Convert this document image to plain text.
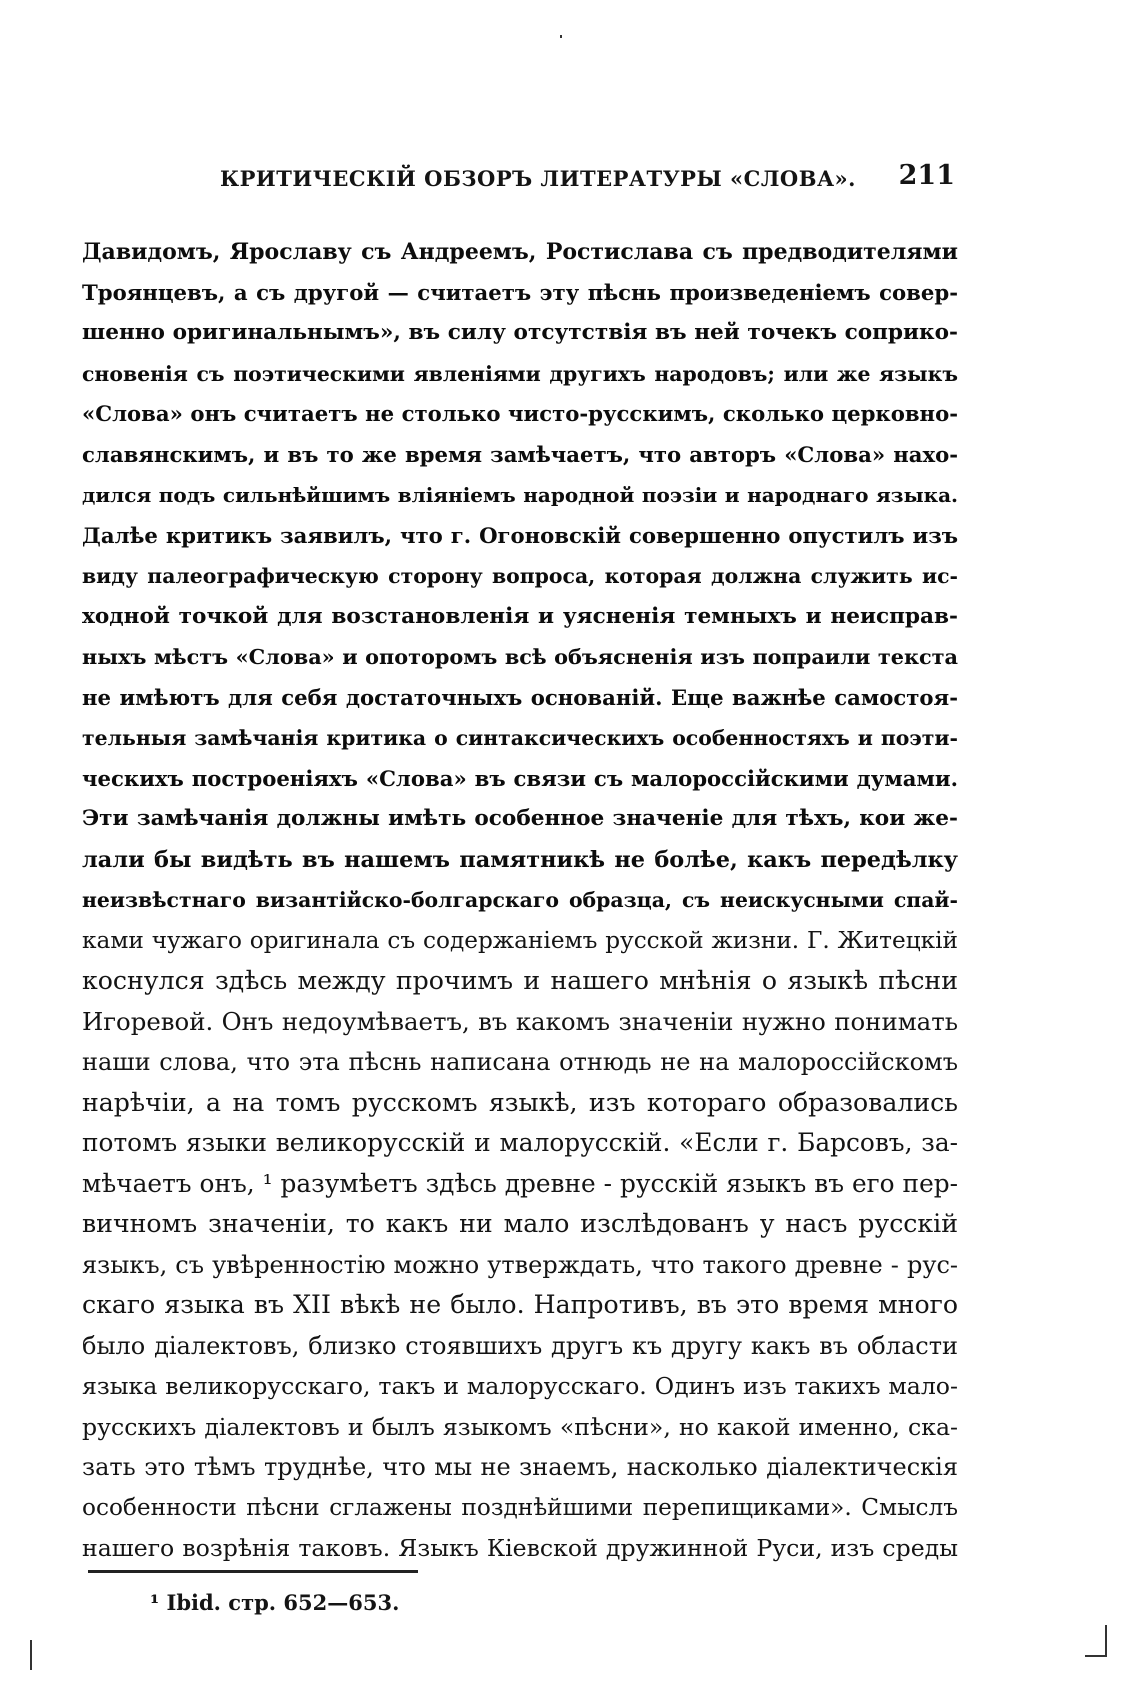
КРИТИЧЕСКІЙ ОБЗОРЪ ЛИТЕРАТУРЫ «СЛОВА». 211
Давидомъ, Ярославу съ Андреемъ, Ростислава съ предводителями
Троянцевъ, а съ другой — считаетъ эту пѣснь произведеніемъ совер-
шенно оригинальнымъ», въ силу отсутствія въ ней точекъ соприко-
сновенія съ поэтическими явленіями другихъ народовъ; или же языкъ
«Слова» онъ считаетъ не столько чисто-русскимъ, сколько церковно-
славянскимъ, и въ то же время замѣчаетъ, что авторъ «Слова» нахо-
дился подъ сильнѣйшимъ вліяніемъ народной поэзіи и народнаго языка.
Далѣе критикъ заявилъ, что г. Огоновскій совершенно опустилъ изъ
виду палеографическую сторону вопроса, которая должна служить ис-
ходной точкой для возстановленія и уясненія темныхъ и неисправ-
ныхъ мѣстъ «Слова» и опоторомъ всѣ объясненія изъ попраили текста
не имѣютъ для себя достаточныхъ основаній. Еще важнѣе самостоя-
тельныя замѣчанія критика о синтаксическихъ особенностяхъ и поэти-
ческихъ построеніяхъ «Слова» въ связи съ малороссійскими думами.
Эти замѣчанія должны имѣть особенное значеніе для тѣхъ, кои же-
лали бы видѣть въ нашемъ памятникѣ не болѣе, какъ передѣлку
неизвѣстнаго византійско-болгарскаго образца, съ неискусными спай-
ками чужаго оригинала съ содержаніемъ русской жизни. Г. Житецкій
коснулся здѣсь между прочимъ и нашего мнѣнія о языкѣ пѣсни
Игоревой. Онъ недоумѣваетъ, въ какомъ значеніи нужно понимать
наши слова, что эта пѣснь написана отнюдь не на малороссійскомъ
нарѣчіи, а на томъ русскомъ языкѣ, изъ котораго образовались
потомъ языки великорусскій и малорусскій. «Если г. Барсовъ, за-
мѣчаетъ онъ, ¹ разумѣетъ здѣсь древне - русскій языкъ въ его пер-
вичномъ значеніи, то какъ ни мало изслѣдованъ у насъ русскій
языкъ, съ увѣренностію можно утверждать, что такого древне - рус-
скаго языка въ XII вѣкѣ не было. Напротивъ, въ это время много
было діалектовъ, близко стоявшихъ другъ къ другу какъ въ области
языка великорусскаго, такъ и малорусскаго. Одинъ изъ такихъ мало-
русскихъ діалектовъ и былъ языкомъ «пѣсни», но какой именно, ска-
зать это тѣмъ труднѣе, что мы не знаемъ, насколько діалектическія
особенности пѣсни сглажены позднѣйшими перепищиками». Смыслъ
нашего возрѣнія таковъ. Языкъ Кіевской дружинной Руси, изъ среды
¹ Ibid. стр. 652—653.
